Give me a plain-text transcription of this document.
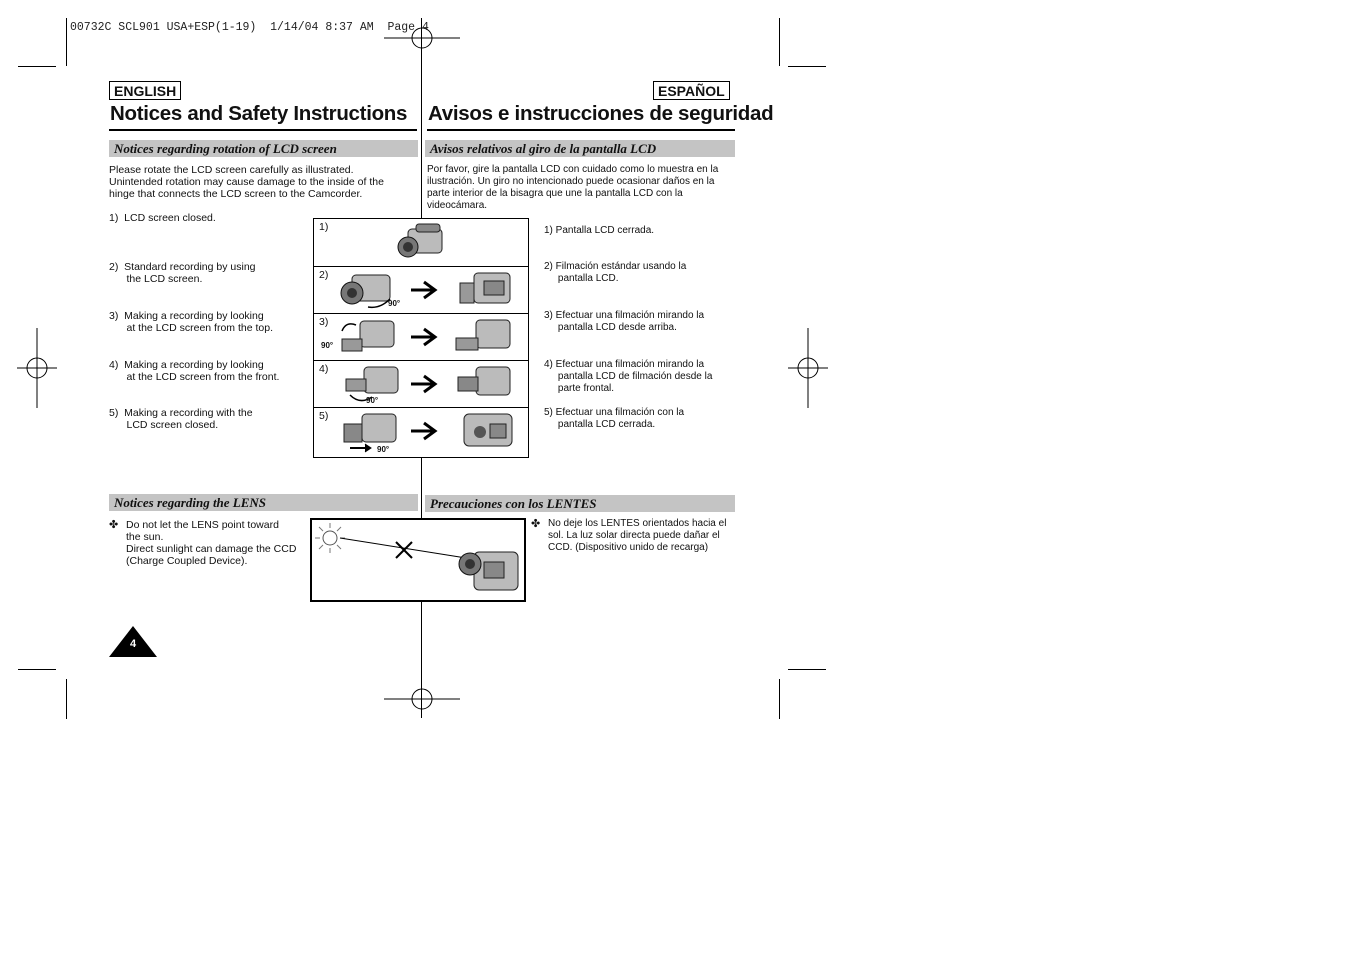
00732C SCL901 USA+ESP(1-19)  1/14/04 8:37 AM  Page 4
ENGLISH	ESPAÑOL
Notices and Safety Instructions Avisos e instrucciones de seguridad
Notices regarding rotation of LCD screen	Avisos relativos al giro de la pantalla LCD
Please rotate the LCD screen carefully as illustrated.
Unintended rotation may cause damage to the inside of the
hinge that connects the LCD screen to the Camcorder.
Por favor, gire la pantalla LCD con cuidado como lo muestra en la
ilustración. Un giro no intencionado puede ocasionar daños en la
parte interior de la bisagra que une la pantalla LCD con la
videocámara.
1)  LCD screen closed.
2)  Standard recording by using
the LCD screen.
3)  Making a recording by looking
at the LCD screen from the top.
4)  Making a recording by looking
at the LCD screen from the front.
5)  Making a recording with the
LCD screen closed.
1) Pantalla LCD cerrada.
2) Filmación estándar usando la
pantalla LCD.
3) Efectuar una filmación mirando la
pantalla LCD desde arriba.
4) Efectuar una filmación mirando la
pantalla LCD de filmación desde la
parte frontal.
5) Efectuar una filmación con la
pantalla LCD cerrada.
1)
2)
90°
3)
90°
4)
90°
5)
90°
Notices regarding the LENS	Precauciones con los LENTES
✤ Do not let the LENS point toward
the sun.
Direct sunlight can damage the CCD
(Charge Coupled Device).
✤ No deje los LENTES orientados hacia el
sol. La luz solar directa puede dañar el
CCD. (Dispositivo unido de recarga)
4
